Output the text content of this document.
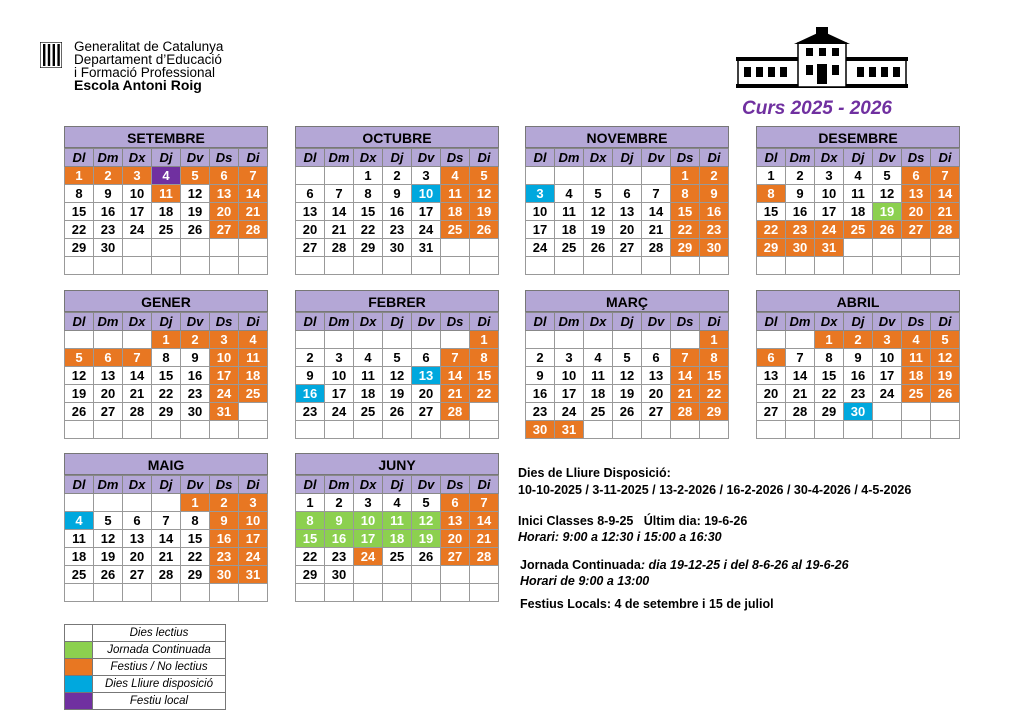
Generalitat de Catalunya
Departament d’Educació
i Formació Professional
Escola Antoni Roig
Curs 2025 - 2026
SETEMBRE
Dl	Dm	Dx	Dj	Dv	Ds	Di
1	2	3	4	5	6	7
8	9	10	11	12	13	14
15	16	17	18	19	20	21
22	23	24	25	26	27	28
29	30					

OCTUBRE
Dl	Dm	Dx	Dj	Dv	Ds	Di
		1	2	3	4	5
6	7	8	9	10	11	12
13	14	15	16	17	18	19
20	21	22	23	24	25	26
27	28	29	30	31		

NOVEMBRE
Dl	Dm	Dx	Dj	Dv	Ds	Di
					1	2
3	4	5	6	7	8	9
10	11	12	13	14	15	16
17	18	19	20	21	22	23
24	25	26	27	28	29	30

DESEMBRE
Dl	Dm	Dx	Dj	Dv	Ds	Di
1	2	3	4	5	6	7
8	9	10	11	12	13	14
15	16	17	18	19	20	21
22	23	24	25	26	27	28
29	30	31				

GENER
Dl	Dm	Dx	Dj	Dv	Ds	Di
			1	2	3	4
5	6	7	8	9	10	11
12	13	14	15	16	17	18
19	20	21	22	23	24	25
26	27	28	29	30	31	

FEBRER
Dl	Dm	Dx	Dj	Dv	Ds	Di
						1
2	3	4	5	6	7	8
9	10	11	12	13	14	15
16	17	18	19	20	21	22
23	24	25	26	27	28	

MARÇ
Dl	Dm	Dx	Dj	Dv	Ds	Di
						1
2	3	4	5	6	7	8
9	10	11	12	13	14	15
16	17	18	19	20	21	22
23	24	25	26	27	28	29
30	31					
ABRIL
Dl	Dm	Dx	Dj	Dv	Ds	Di
		1	2	3	4	5
6	7	8	9	10	11	12
13	14	15	16	17	18	19
20	21	22	23	24	25	26
27	28	29	30			

MAIG
Dl	Dm	Dx	Dj	Dv	Ds	Di
				1	2	3
4	5	6	7	8	9	10
11	12	13	14	15	16	17
18	19	20	21	22	23	24
25	26	27	28	29	30	31

JUNY
Dl	Dm	Dx	Dj	Dv	Ds	Di
1	2	3	4	5	6	7
8	9	10	11	12	13	14
15	16	17	18	19	20	21
22	23	24	25	26	27	28
29	30					

Dies de Lliure Disposició:
10-10-2025 / 3-11-2025 / 13-2-2026 / 16-2-2026 / 30-4-2026 / 4-5-2026
Inici Classes 8-9-25 Últim dia: 19-6-26
Horari: 9:00 a 12:30 i 15:00 a 16:30
Jornada Continuada: dia 19-12-25 i del 8-6-26 al 19-6-26
Horari de 9:00 a 13:00
Festius Locals: 4 de setembre i 15 de juliol
	Dies lectius
	Jornada Continuada
	Festius / No lectius
	Dies Lliure disposició
	Festiu local
